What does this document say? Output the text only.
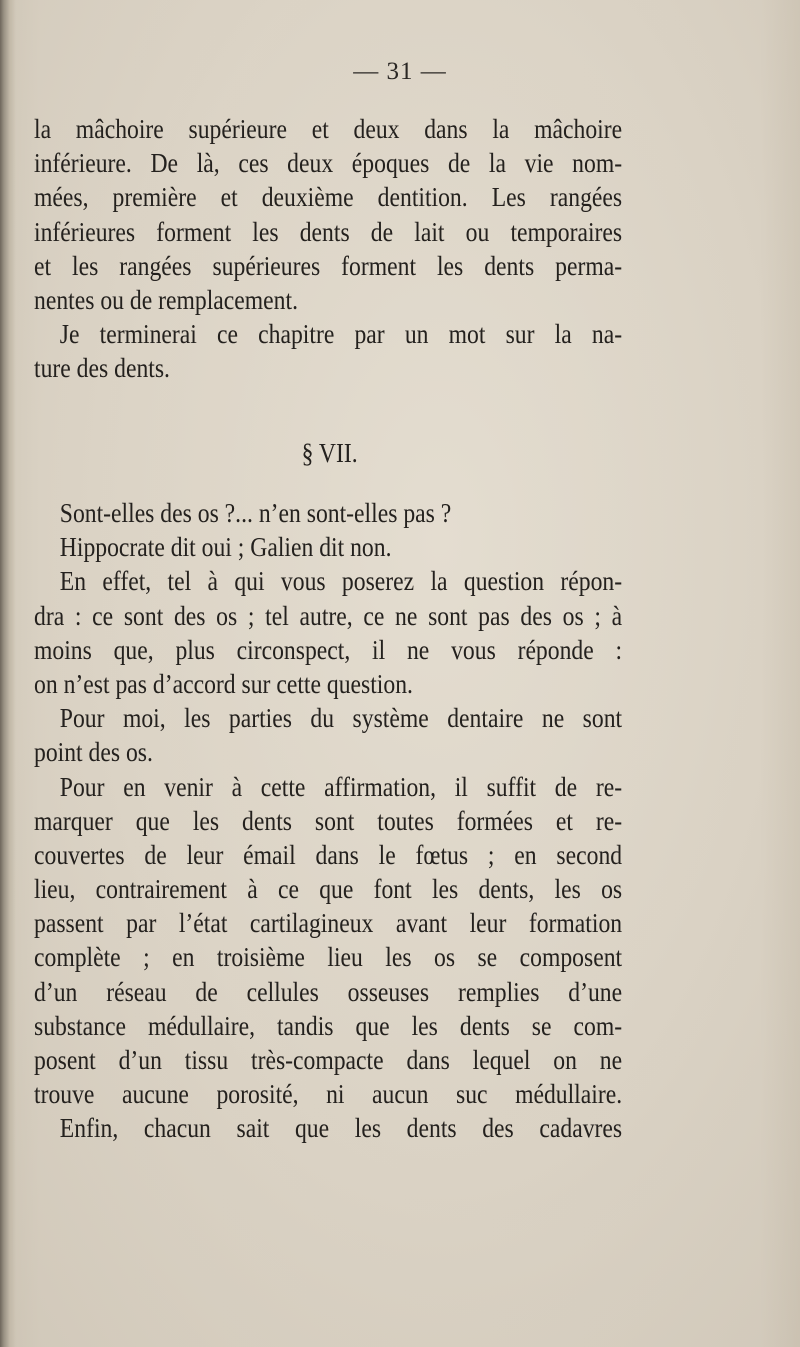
— 31 —
la mâchoire supérieure et deux dans la mâchoire
inférieure. De là, ces deux époques de la vie nom-
mées, première et deuxième dentition. Les rangées
inférieures forment les dents de lait ou temporaires
et les rangées supérieures forment les dents perma-
nentes ou de remplacement.
Je terminerai ce chapitre par un mot sur la na-
ture des dents.
§ VII.
Sont-elles des os ?... n’en sont-elles pas ?
Hippocrate dit oui ; Galien dit non.
En effet, tel à qui vous poserez la question répon-
dra : ce sont des os ; tel autre, ce ne sont pas des os ; à
moins que, plus circonspect, il ne vous réponde :
on n’est pas d’accord sur cette question.
Pour moi, les parties du système dentaire ne sont
point des os.
Pour en venir à cette affirmation, il suffit de re-
marquer que les dents sont toutes formées et re-
couvertes de leur émail dans le fœtus ; en second
lieu, contrairement à ce que font les dents, les os
passent par l’état cartilagineux avant leur formation
complète ; en troisième lieu les os se composent
d’un réseau de cellules osseuses remplies d’une
substance médullaire, tandis que les dents se com-
posent d’un tissu très-compacte dans lequel on ne
trouve aucune porosité, ni aucun suc médullaire.
Enfin, chacun sait que les dents des cadavres
